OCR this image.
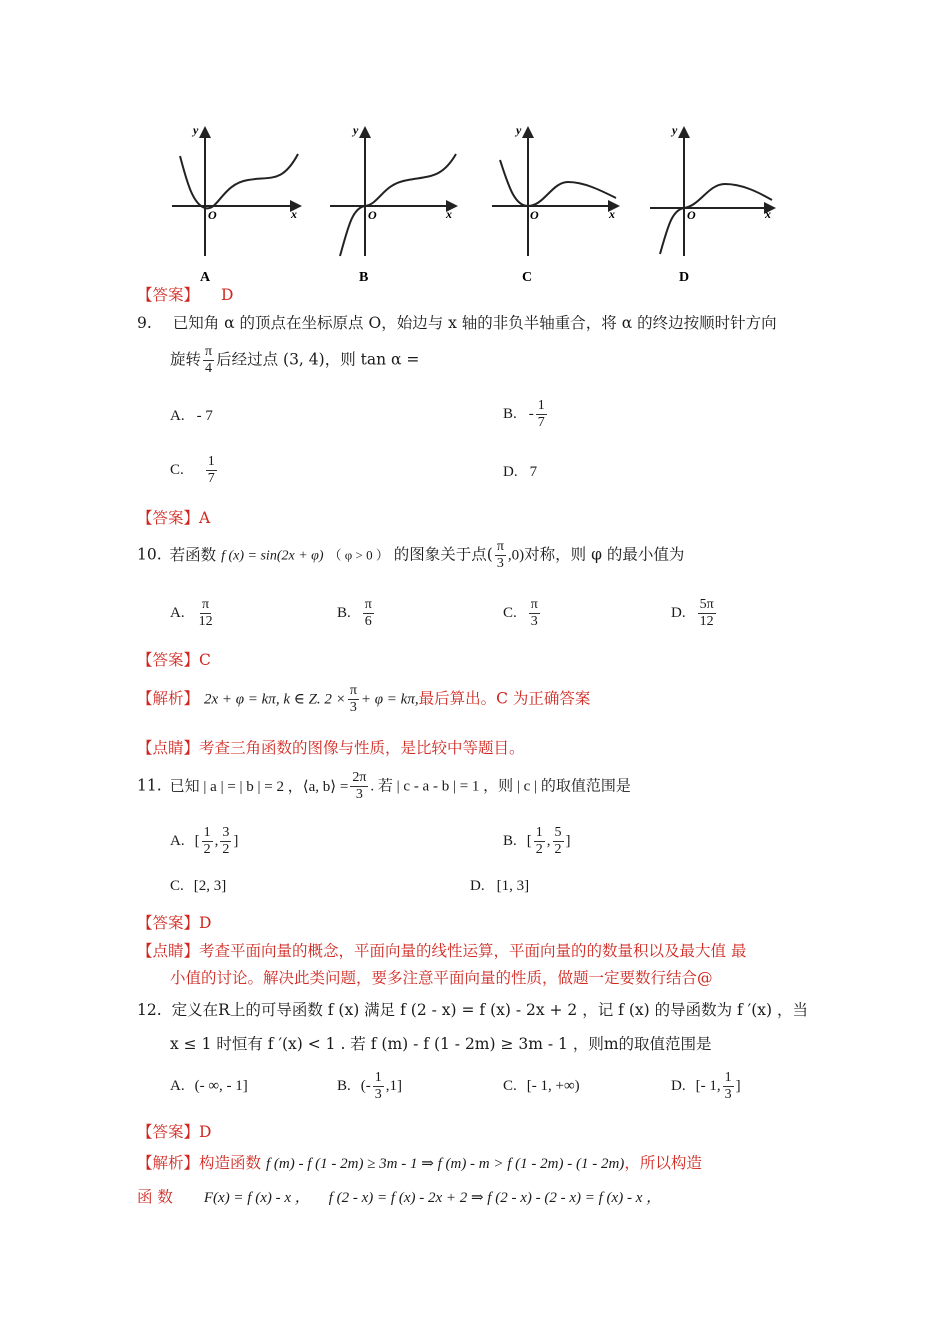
y
x
O
A
y
x
O
B
y
x
O
C
y
x
O
D
【答案】 D
9. 已知角 α 的顶点在坐标原点 O，始边与 x 轴的非负半轴重合，将 α 的终边按顺时针方向
旋转 $\frac{\pi}{4}$ 后经过点 (3, 4)，则 tan α =
A. - 7	B. - $\frac{1}{7}$
C. $\frac{1}{7}$	D. 7
【答案】A
10. 若函数 f (x) = sin(2x + φ) （ φ > 0 ） 的图象关于点( $\frac{\pi}{3} ,0$)对称，则 φ 的最小值为
A. $\frac{\pi}{12}$	B. $\frac{\pi}{6}$	C. $\frac{\pi}{3}$	D. $\frac{5\pi}{12}$
【答案】C
【解析】 2x + φ = kπ, k ∈ Z. $2 \times \frac{\pi}{3} + \varphi = k\pi$,最后算出。C 为正确答案
【点睛】考查三角函数的图像与性质，是比较中等题目。
11. 已知 | a | = | b | = 2 ，⟨a, b⟩ = $\frac{2\pi}{3}$ . 若 | c - a - b | = 1 ，则 | c | 的取值范围是
A. [ $\frac{1}{2}$ , $\frac{3}{2}$ ]	B. [ $\frac{1}{2}$ , $\frac{5}{2}$ ]
C. [2, 3]	D. [1, 3]
【答案】D
【点睛】考查平面向量的概念，平面向量的线性运算，平面向量的的数量积以及最大值 最
小值的讨论。解决此类问题，要多注意平面向量的性质，做题一定要数行结合@
12. 定义在R上的可导函数 f (x) 满足 f (2 - x) = f (x) - 2x + 2 ，记 f (x) 的导函数为 f ′(x) ，当
x ≤ 1 时恒有 f ′(x) < 1 . 若 f (m) - f (1 - 2m) ≥ 3m - 1 ，则m的取值范围是
A. (- ∞, - 1]	B. (- $\frac{1}{3} ,1$]	C. [- 1, +∞)	D. [- 1, $\frac{1}{3}$ ]
【答案】D
【解析】构造函数 f (m) - f (1 - 2m) ≥ 3m - 1 ⇒ f (m) - m > f (1 - 2m) - (1 - 2m)，所以构造
函 数 F(x) = f (x) - x ， f (2 - x) = f (x) - 2x + 2 ⇒ f (2 - x) - (2 - x) = f (x) - x ，
